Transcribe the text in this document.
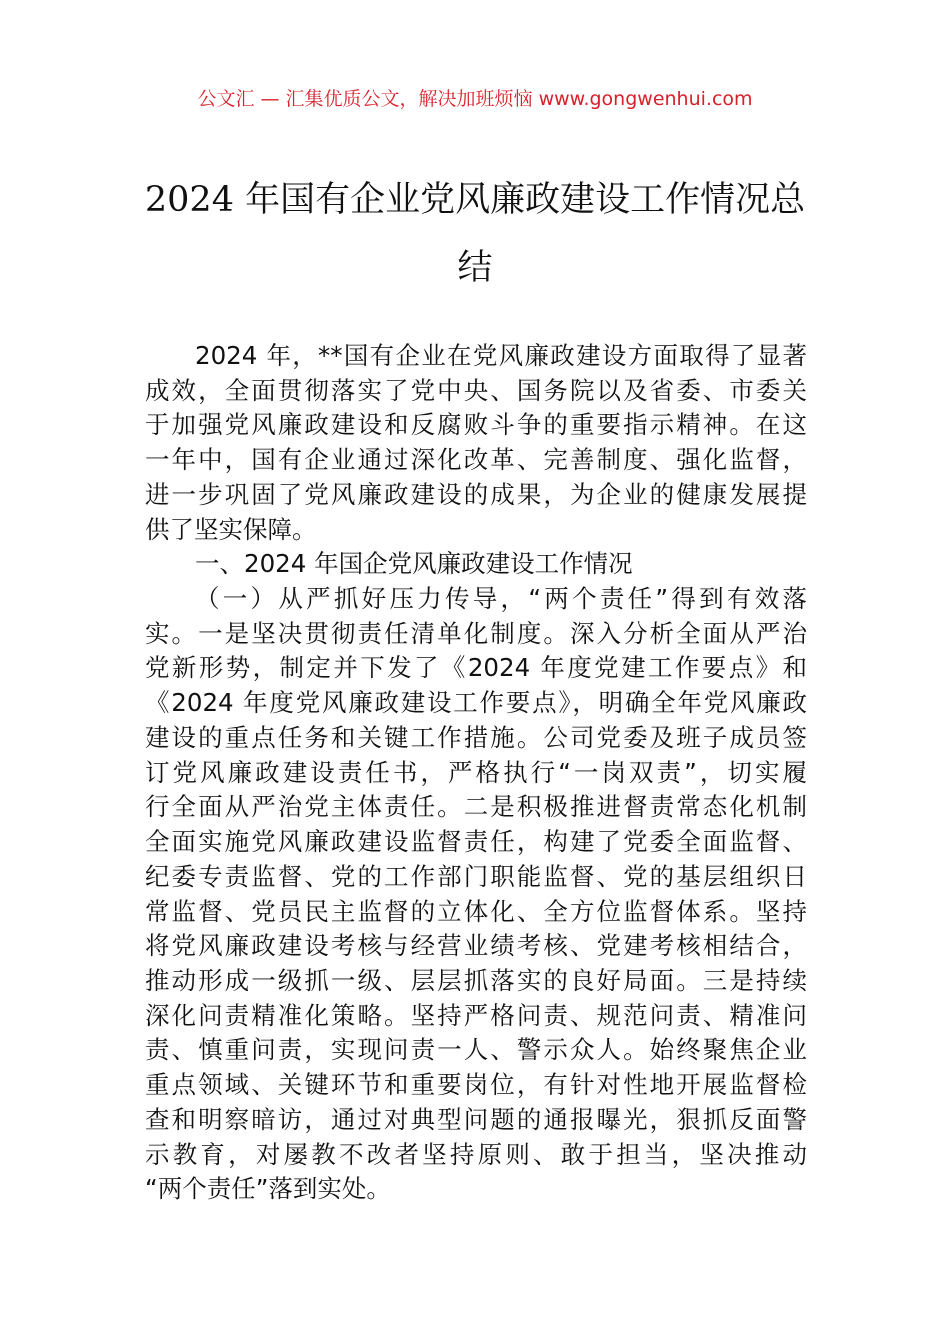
公文汇 — 汇集优质公文，解决加班烦恼 www.gongwenhui.com
2024 年国有企业党风廉政建设工作情况总
结
2024 年，**国有企业在党风廉政建设方面取得了显著
成效，全面贯彻落实了党中央、国务院以及省委、市委关
于加强党风廉政建设和反腐败斗争的重要指示精神。在这
一年中，国有企业通过深化改革、完善制度、强化监督，
进一步巩固了党风廉政建设的成果，为企业的健康发展提
供了坚实保障。
一、2024 年国企党风廉政建设工作情况
（一）从严抓好压力传导，“两个责任”得到有效落
实。一是坚决贯彻责任清单化制度。深入分析全面从严治
党新形势，制定并下发了《2024 年度党建工作要点》和
《2024 年度党风廉政建设工作要点》，明确全年党风廉政
建设的重点任务和关键工作措施。公司党委及班子成员签
订党风廉政建设责任书，严格执行“一岗双责”，切实履
行全面从严治党主体责任。二是积极推进督责常态化机制
全面实施党风廉政建设监督责任，构建了党委全面监督、
纪委专责监督、党的工作部门职能监督、党的基层组织日
常监督、党员民主监督的立体化、全方位监督体系。坚持
将党风廉政建设考核与经营业绩考核、党建考核相结合，
推动形成一级抓一级、层层抓落实的良好局面。三是持续
深化问责精准化策略。坚持严格问责、规范问责、精准问
责、慎重问责，实现问责一人、警示众人。始终聚焦企业
重点领域、关键环节和重要岗位，有针对性地开展监督检
查和明察暗访，通过对典型问题的通报曝光，狠抓反面警
示教育，对屡教不改者坚持原则、敢于担当，坚决推动
“两个责任”落到实处。
